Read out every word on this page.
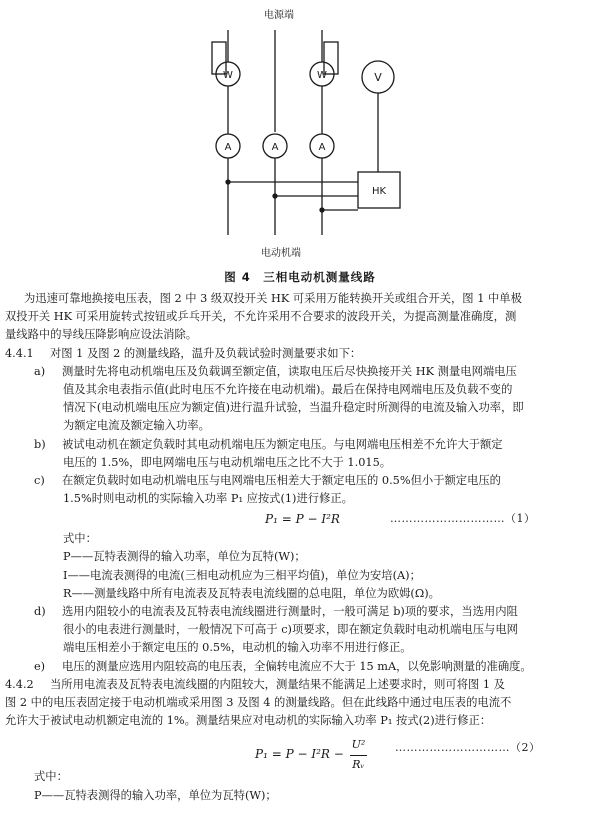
电源端
电动机端
W	W	V
A	A	A
HK
图 4　三相电动机测量线路
为迅速可靠地换接电压表，图 2 中 3 级双投开关 HK 可采用万能转换开关或组合开关，图 1 中单极
双投开关 HK 可采用旋转式按钮或乒乓开关，不允许采用不合要求的波段开关，为提高测量准确度，测
量线路中的导线压降影响应设法消除。
4.4.1 对图 1 及图 2 的测量线路，温升及负载试验时测量要求如下：
a) 测量时先将电动机端电压及负载调至额定值，读取电压后尽快换接开关 HK 测量电网端电压
值及其余电表指示值(此时电压不允许接在电动机端)。最后在保持电网端电压及负载不变的
情况下(电动机端电压应为额定值)进行温升试验，当温升稳定时所测得的电流及输入功率，即
为额定电流及额定输入功率。
b) 被试电动机在额定负载时其电动机端电压为额定电压。与电网端电压相差不允许大于额定
电压的 1.5%，即电网端电压与电动机端电压之比不大于 1.015。
c) 在额定负载时如电动机端电压与电网端电压相差大于额定电压的 0.5%但小于额定电压的
1.5%时则电动机的实际输入功率 P₁ 应按式(1)进行修正。
P₁ = P − I²R	…………………………（1）
式中：
P——瓦特表测得的输入功率，单位为瓦特(W)；
I——电流表测得的电流(三相电动机应为三相平均值)，单位为安培(A)；
R——测量线路中所有电流表及瓦特表电流线圈的总电阻，单位为欧姆(Ω)。
d) 选用内阻较小的电流表及瓦特表电流线圈进行测量时，一般可满足 b)项的要求，当选用内阻
很小的电表进行测量时，一般情况下可高于 c)项要求，即在额定负载时电动机端电压与电网
端电压相差小于额定电压的 0.5%，电动机的输入功率不用进行修正。
e) 电压的测量应选用内阻较高的电压表，全偏转电流应不大于 15 mA，以免影响测量的准确度。
4.4.2 当所用电流表及瓦特表电流线圈的内阻较大，测量结果不能满足上述要求时，则可将图 1 及
图 2 中的电压表固定接于电动机端或采用图 3 及图 4 的测量线路。但在此线路中通过电压表的电流不
允许大于被试电动机额定电流的 1%。测量结果应对电动机的实际输入功率 P₁ 按式(2)进行修正：
$P_1 = P - I^2R - \frac{\text{U²}}{\text{Rᵥ}}$	…………………………（2）
式中：
P——瓦特表测得的输入功率，单位为瓦特(W)；
